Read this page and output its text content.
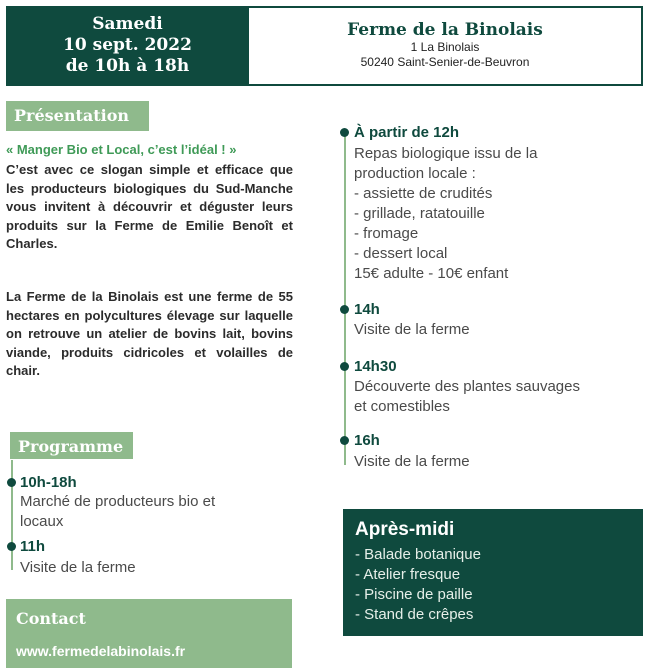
Samedi
10 sept. 2022
de 10h à 18h
Ferme de la Binolais
1 La Binolais
50240 Saint-Senier-de-Beuvron
Présentation
« Manger Bio et Local, c’est l’idéal ! »
C’est avec ce slogan simple et efficace que les producteurs biologiques du Sud-Manche vous invitent à découvrir et déguster leurs produits sur la Ferme de Emilie Benoît et Charles.
La Ferme de la Binolais est une ferme de 55 hectares en polycultures élevage sur laquelle on retrouve un atelier de bovins lait, bovins viande, produits cidricoles et volailles de chair.
Programme
10h-18h
Marché de producteurs bio et
locaux
11h
Visite de la ferme
Contact
www.fermedelabinolais.fr
À partir de 12h
Repas biologique issu de la
production locale :
- assiette de crudités
- grillade, ratatouille
- fromage
- dessert local
15€ adulte - 10€ enfant
14h
Visite de la ferme
14h30
Découverte des plantes sauvages
et comestibles
16h
Visite de la ferme
Après-midi
- Balade botanique
- Atelier fresque
- Piscine de paille
- Stand de crêpes
